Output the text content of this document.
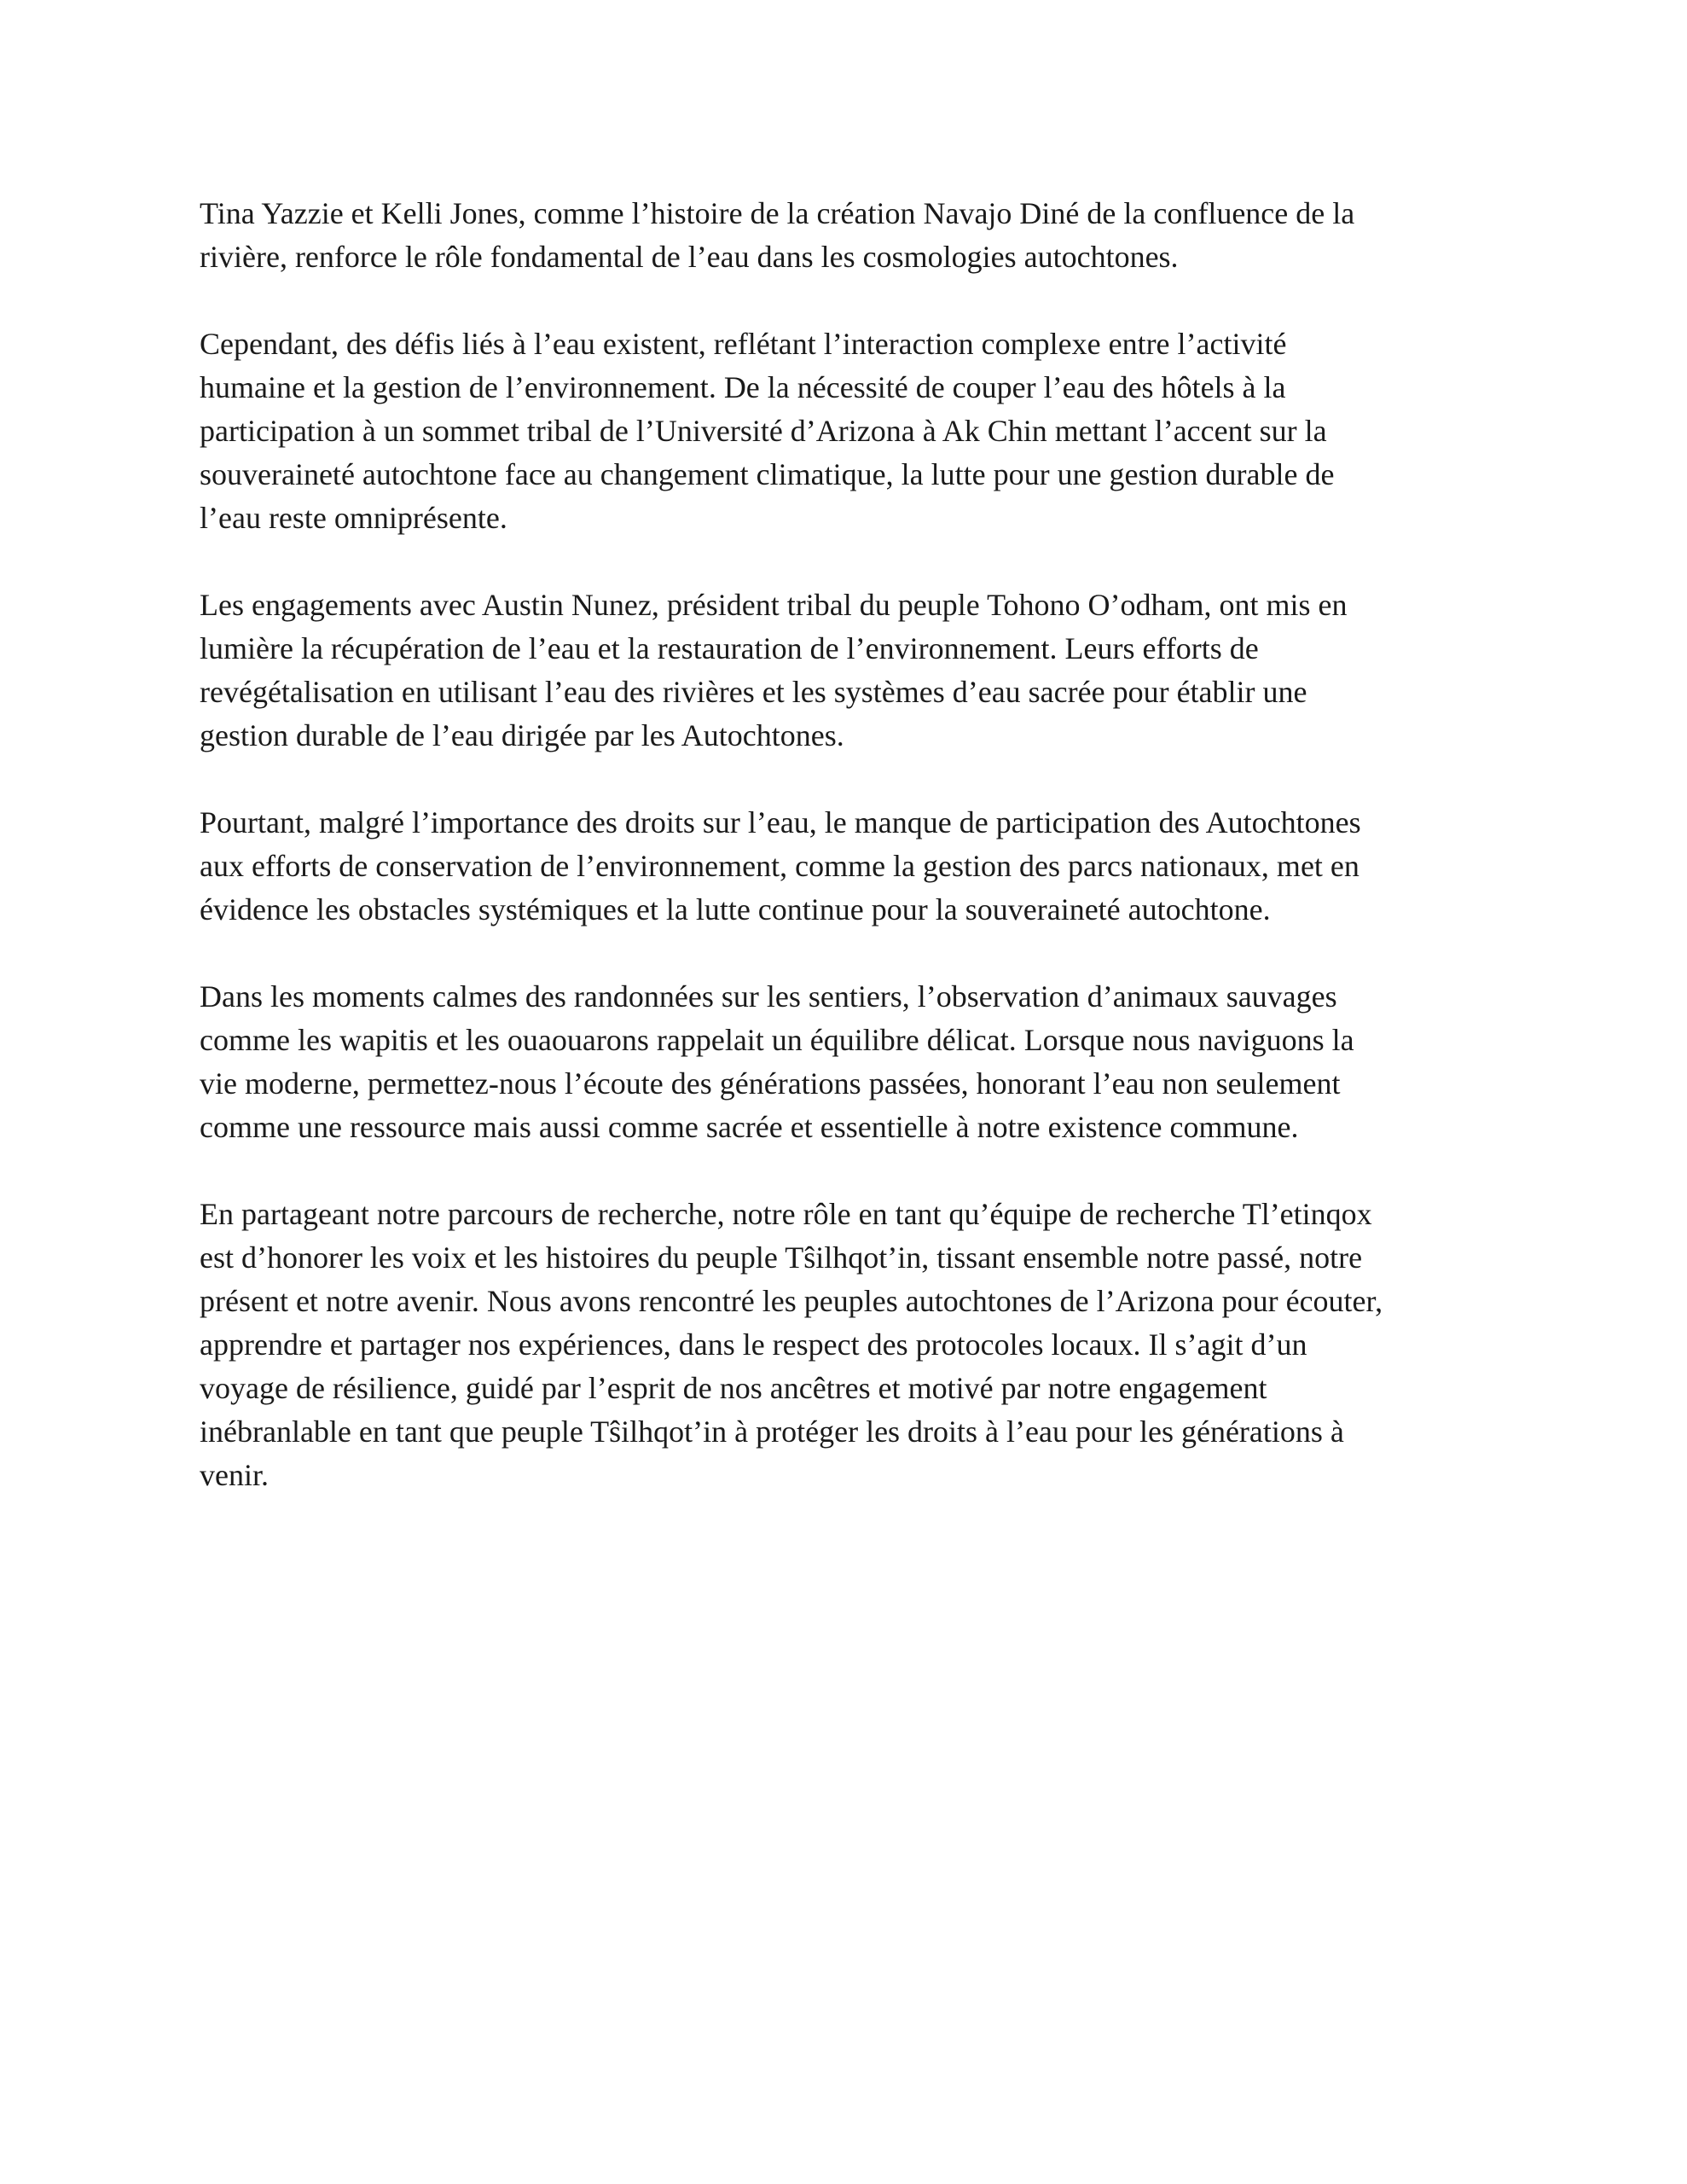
Tina Yazzie et Kelli Jones, comme l’histoire de la création Navajo Diné de la confluence de la
rivière, renforce le rôle fondamental de l’eau dans les cosmologies autochtones.

Cependant, des défis liés à l’eau existent, reflétant l’interaction complexe entre l’activité
humaine et la gestion de l’environnement. De la nécessité de couper l’eau des hôtels à la
participation à un sommet tribal de l’Université d’Arizona à Ak Chin mettant l’accent sur la
souveraineté autochtone face au changement climatique, la lutte pour une gestion durable de
l’eau reste omniprésente.

Les engagements avec Austin Nunez, président tribal du peuple Tohono O’odham, ont mis en
lumière la récupération de l’eau et la restauration de l’environnement. Leurs efforts de
revégétalisation en utilisant l’eau des rivières et les systèmes d’eau sacrée pour établir une
gestion durable de l’eau dirigée par les Autochtones.

Pourtant, malgré l’importance des droits sur l’eau, le manque de participation des Autochtones
aux efforts de conservation de l’environnement, comme la gestion des parcs nationaux, met en
évidence les obstacles systémiques et la lutte continue pour la souveraineté autochtone.

Dans les moments calmes des randonnées sur les sentiers, l’observation d’animaux sauvages
comme les wapitis et les ouaouarons rappelait un équilibre délicat. Lorsque nous naviguons la
vie moderne, permettez-nous l’écoute des générations passées, honorant l’eau non seulement
comme une ressource mais aussi comme sacrée et essentielle à notre existence commune.

En partageant notre parcours de recherche, notre rôle en tant qu’équipe de recherche Tl’etinqox
est d’honorer les voix et les histoires du peuple Tŝilhqot’in, tissant ensemble notre passé, notre
présent et notre avenir. Nous avons rencontré les peuples autochtones de l’Arizona pour écouter,
apprendre et partager nos expériences, dans le respect des protocoles locaux. Il s’agit d’un
voyage de résilience, guidé par l’esprit de nos ancêtres et motivé par notre engagement
inébranlable en tant que peuple Tŝilhqot’in à protéger les droits à l’eau pour les générations à
venir.
